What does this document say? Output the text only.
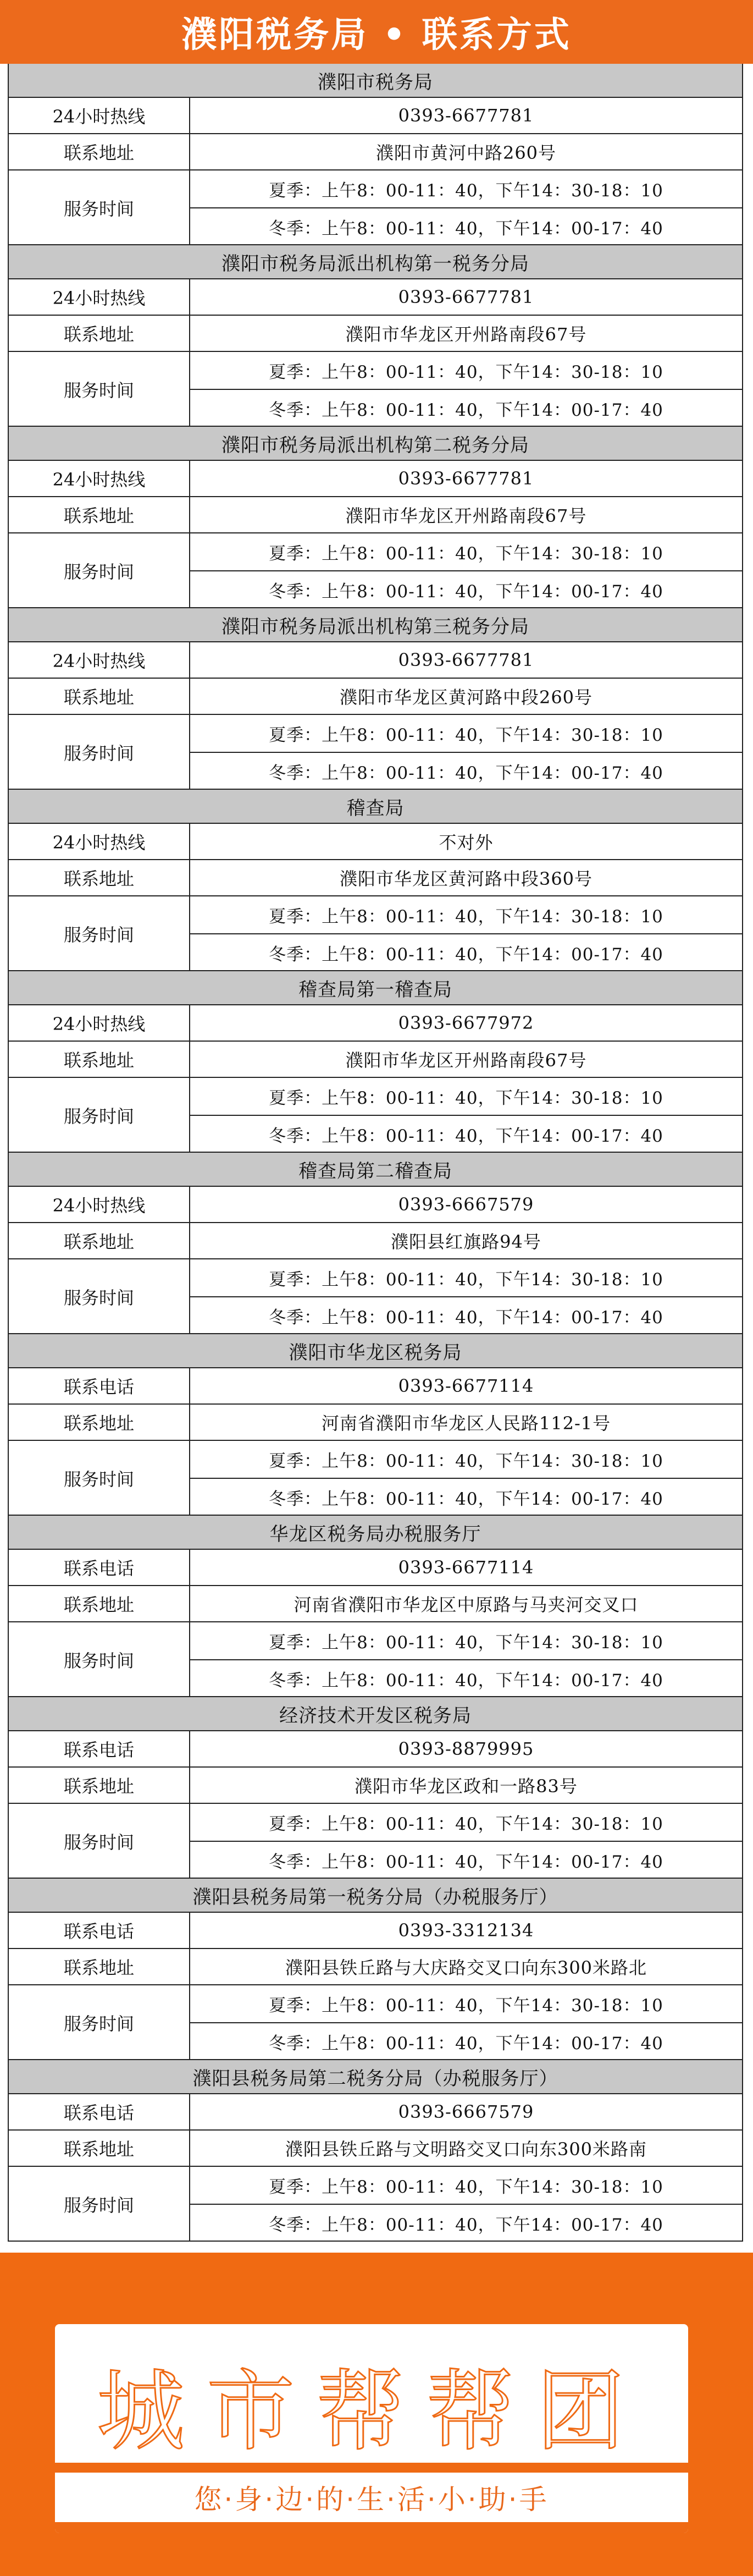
濮阳税务局 • 联系方式
濮阳市税务局
24小时热线	0393-6677781
联系地址	濮阳市黄河中路260号
服务时间
夏季：上午8：00-11：40，下午14：30-18：10
冬季：上午8：00-11：40，下午14：00-17：40
濮阳市税务局派出机构第一税务分局
24小时热线	0393-6677781
联系地址	濮阳市华龙区开州路南段67号
服务时间
夏季：上午8：00-11：40，下午14：30-18：10
冬季：上午8：00-11：40，下午14：00-17：40
濮阳市税务局派出机构第二税务分局
24小时热线	0393-6677781
联系地址	濮阳市华龙区开州路南段67号
服务时间
夏季：上午8：00-11：40，下午14：30-18：10
冬季：上午8：00-11：40，下午14：00-17：40
濮阳市税务局派出机构第三税务分局
24小时热线	0393-6677781
联系地址	濮阳市华龙区黄河路中段260号
服务时间
夏季：上午8：00-11：40，下午14：30-18：10
冬季：上午8：00-11：40，下午14：00-17：40
稽查局
24小时热线	不对外
联系地址	濮阳市华龙区黄河路中段360号
服务时间
夏季：上午8：00-11：40，下午14：30-18：10
冬季：上午8：00-11：40，下午14：00-17：40
稽查局第一稽查局
24小时热线	0393-6677972
联系地址	濮阳市华龙区开州路南段67号
服务时间
夏季：上午8：00-11：40，下午14：30-18：10
冬季：上午8：00-11：40，下午14：00-17：40
稽查局第二稽查局
24小时热线	0393-6667579
联系地址	濮阳县红旗路94号
服务时间
夏季：上午8：00-11：40，下午14：30-18：10
冬季：上午8：00-11：40，下午14：00-17：40
濮阳市华龙区税务局
联系电话	0393-6677114
联系地址	河南省濮阳市华龙区人民路112-1号
服务时间
夏季：上午8：00-11：40，下午14：30-18：10
冬季：上午8：00-11：40，下午14：00-17：40
华龙区税务局办税服务厅
联系电话	0393-6677114
联系地址	河南省濮阳市华龙区中原路与马夹河交叉口
服务时间
夏季：上午8：00-11：40，下午14：30-18：10
冬季：上午8：00-11：40，下午14：00-17：40
经济技术开发区税务局
联系电话	0393-8879995
联系地址	濮阳市华龙区政和一路83号
服务时间
夏季：上午8：00-11：40，下午14：30-18：10
冬季：上午8：00-11：40，下午14：00-17：40
濮阳县税务局第一税务分局（办税服务厅）
联系电话	0393-3312134
联系地址	濮阳县铁丘路与大庆路交叉口向东300米路北
服务时间
夏季：上午8：00-11：40，下午14：30-18：10
冬季：上午8：00-11：40，下午14：00-17：40
濮阳县税务局第二税务分局（办税服务厅）
联系电话	0393-6667579
联系地址	濮阳县铁丘路与文明路交叉口向东300米路南
服务时间
夏季：上午8：00-11：40，下午14：30-18：10
冬季：上午8：00-11：40，下午14：00-17：40
城市帮帮团
您·身·边·的·生·活·小·助·手
